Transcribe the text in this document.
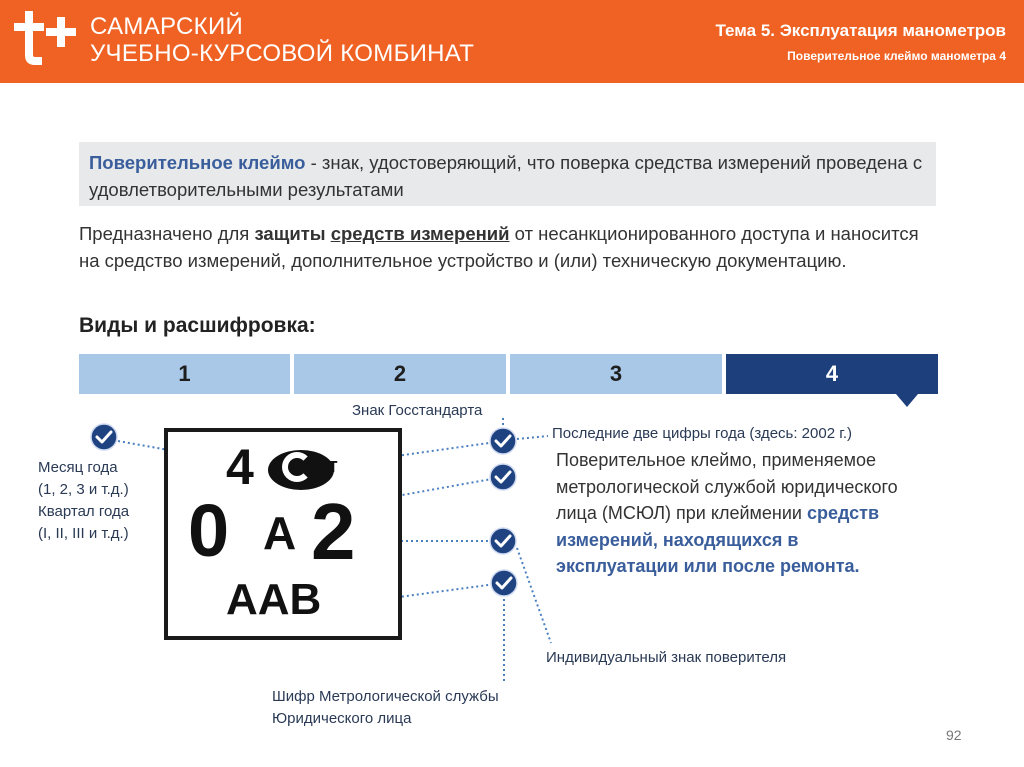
САМАРСКИЙ
УЧЕБНО-КУРСОВОЙ КОМБИНАТ
Тема 5. Эксплуатация манометров
Поверительное клеймо манометра 4
Поверительное клеймо - знак, удостоверяющий, что поверка средства измерений проведена с удовлетворительными результатами
Предназначено для защиты средств измерений от несанкционированного доступа и наносится на средство измерений, дополнительное устройство и (или) техническую документацию.
Виды и расшифровка:
1	2	3	4
4	т
0 А 2
ААВ
Знак Госстандарта
Последние две цифры года (здесь: 2002 г.)
Месяц года
(1, 2, 3 и т.д.)
Квартал года
(I, II, III и т.д.)
Индивидуальный знак поверителя
Шифр Метрологической службы
Юридического лица
Поверительное клеймо, применяемое метрологической службой юридического лица (МСЮЛ) при клеймении средств измерений, находящихся в эксплуатации или после ремонта.
92
